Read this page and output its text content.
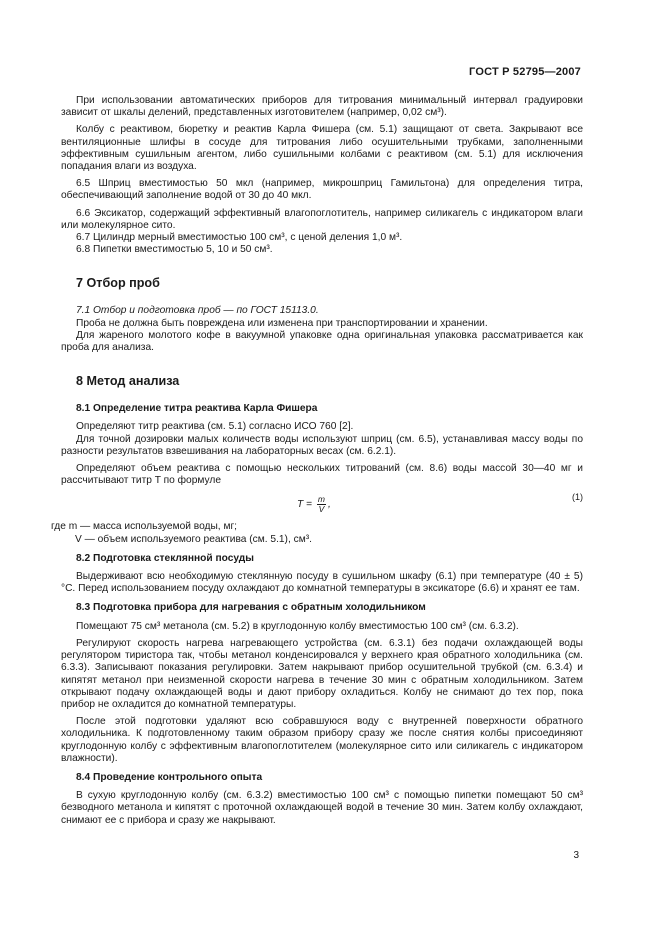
ГОСТ Р 52795—2007

При использовании автоматических приборов для титрования минимальный интервал градуировки зависит от шкалы делений, представленных изготовителем (например, 0,02 см³).

Колбу с реактивом, бюретку и реактив Карла Фишера (см. 5.1) защищают от света. Закрывают все вентиляционные шлифы в сосуде для титрования либо осушительными трубками, заполненными эффективным сушильным агентом, либо сушильными колбами с реактивом (см. 5.1) для исключения попадания влаги из воздуха.

6.5 Шприц вместимостью 50 мкл (например, микрошприц Гамильтона) для определения титра, обеспечивающий заполнение водой от 30 до 40 мкл.

6.6 Эксикатор, содержащий эффективный влагопоглотитель, например силикагель с индикатором влаги или молекулярное сито.

6.7 Цилиндр мерный вместимостью 100 см³, с ценой деления 1,0 м³.

6.8 Пипетки вместимостью 5, 10 и 50 см³.

7 Отбор проб

7.1 Отбор и подготовка проб — по ГОСТ 15113.0.

Проба не должна быть повреждена или изменена при транспортировании и хранении.

Для жареного молотого кофе в вакуумной упаковке одна оригинальная упаковка рассматривается как проба для анализа.

8 Метод анализа
8.1 Определение титра реактива Карла Фишера

Определяют титр реактива (см. 5.1) согласно ИСО 760 [2].

Для точной дозировки малых количеств воды используют шприц (см. 6.5), устанавливая массу воды по разности результатов взвешивания на лабораторных весах (см. 6.2.1).

Определяют объем реактива с помощью нескольких титрований (см. 8.6) воды массой 30—40 мг и рассчитывают титр T по формуле

$T = \frac{m}{V}$ ,
(1)

где m — масса используемой воды, мг;

V — объем используемого реактива (см. 5.1), см³.

8.2 Подготовка стеклянной посуды

Выдерживают всю необходимую стеклянную посуду в сушильном шкафу (6.1) при температуре (40 ± 5) °С. Перед использованием посуду охлаждают до комнатной температуры в эксикаторе (6.6) и хранят ее там.

8.3 Подготовка прибора для нагревания с обратным холодильником

Помещают 75 см³ метанола (см. 5.2) в круглодонную колбу вместимостью 100 см³ (см. 6.3.2).

Регулируют скорость нагрева нагревающего устройства (см. 6.3.1) без подачи охлаждающей воды регулятором тиристора так, чтобы метанол конденсировался у верхнего края обратного холодильника (см. 6.3.3). Записывают показания регулировки. Затем накрывают прибор осушительной трубкой (см. 6.3.4) и кипятят метанол при неизменной скорости нагрева в течение 30 мин с обратным холодильником. Затем открывают подачу охлаждающей воды и дают прибору охладиться. Колбу не снимают до тех пор, пока прибор не охладится до комнатной температуры.

После этой подготовки удаляют всю собравшуюся воду с внутренней поверхности обратного холодильника. К подготовленному таким образом прибору сразу же после снятия колбы присоединяют круглодонную колбу с эффективным влагопоглотителем (молекулярное сито или силикагель с индикатором влажности).

8.4 Проведение контрольного опыта

В сухую круглодонную колбу (см. 6.3.2) вместимостью 100 см³ с помощью пипетки помещают 50 см³ безводного метанола и кипятят с проточной охлаждающей водой в течение 30 мин. Затем колбу охлаждают, снимают ее с прибора и сразу же накрывают.

3
